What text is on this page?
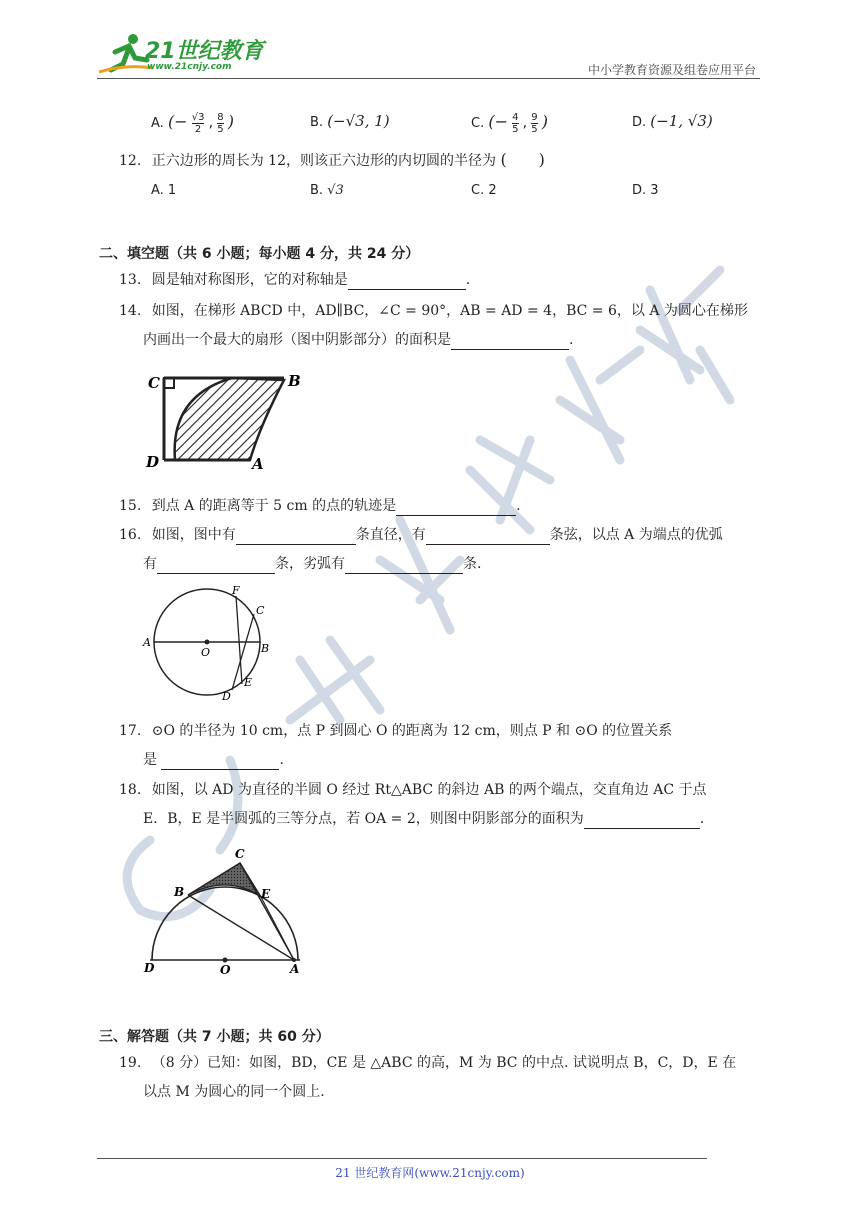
21世纪教育
www.21cnjy.com	中小学教育资源及组卷应用平台
A. (− $\frac{√3}{2}$ , $\frac{8}{5}$ )	B. (−√3, 1)	C. (− $\frac{4}{5}$ , $\frac{9}{5}$ )	D. (−1, √3)
12. 正六边形的周长为 12，则该正六边形的内切圆的半径为 (　　)
A. 1	B. √3	C. 2	D. 3
二、填空题（共 6 小题；每小题 4 分，共 24 分）
13. 圆是轴对称图形，它的对称轴是	.
14. 如图，在梯形 ABCD 中，AD∥BC，∠C = 90°，AB = AD = 4，BC = 6，以 A 为圆心在梯形
内画出一个最大的扇形（图中阴影部分）的面积是	.
C	B
D	A
15. 到点 A 的距离等于 5 cm 的点的轨迹是	.
16. 如图，图中有	条直径，有	条弦，以点 A 为端点的优弧
有	条，劣弧有	条.
F
C
A
O	B
D
E
17. ⊙O 的半径为 10 cm，点 P 到圆心 O 的距离为 12 cm，则点 P 和 ⊙O 的位置关系
是	.
18. 如图，以 AD 为直径的半圆 O 经过 Rt△ABC 的斜边 AB 的两个端点，交直角边 AC 于点
E．B，E 是半圆弧的三等分点，若 OA = 2，则图中阴影部分的面积为	.
C
B	E
D	O	A
三、解答题（共 7 小题；共 60 分）
19. （8 分）已知：如图，BD，CE 是 △ABC 的高，M 为 BC 的中点. 试说明点 B，C，D，E 在
以点 M 为圆心的同一个圆上.
21 世纪教育网(www.21cnjy.com)
